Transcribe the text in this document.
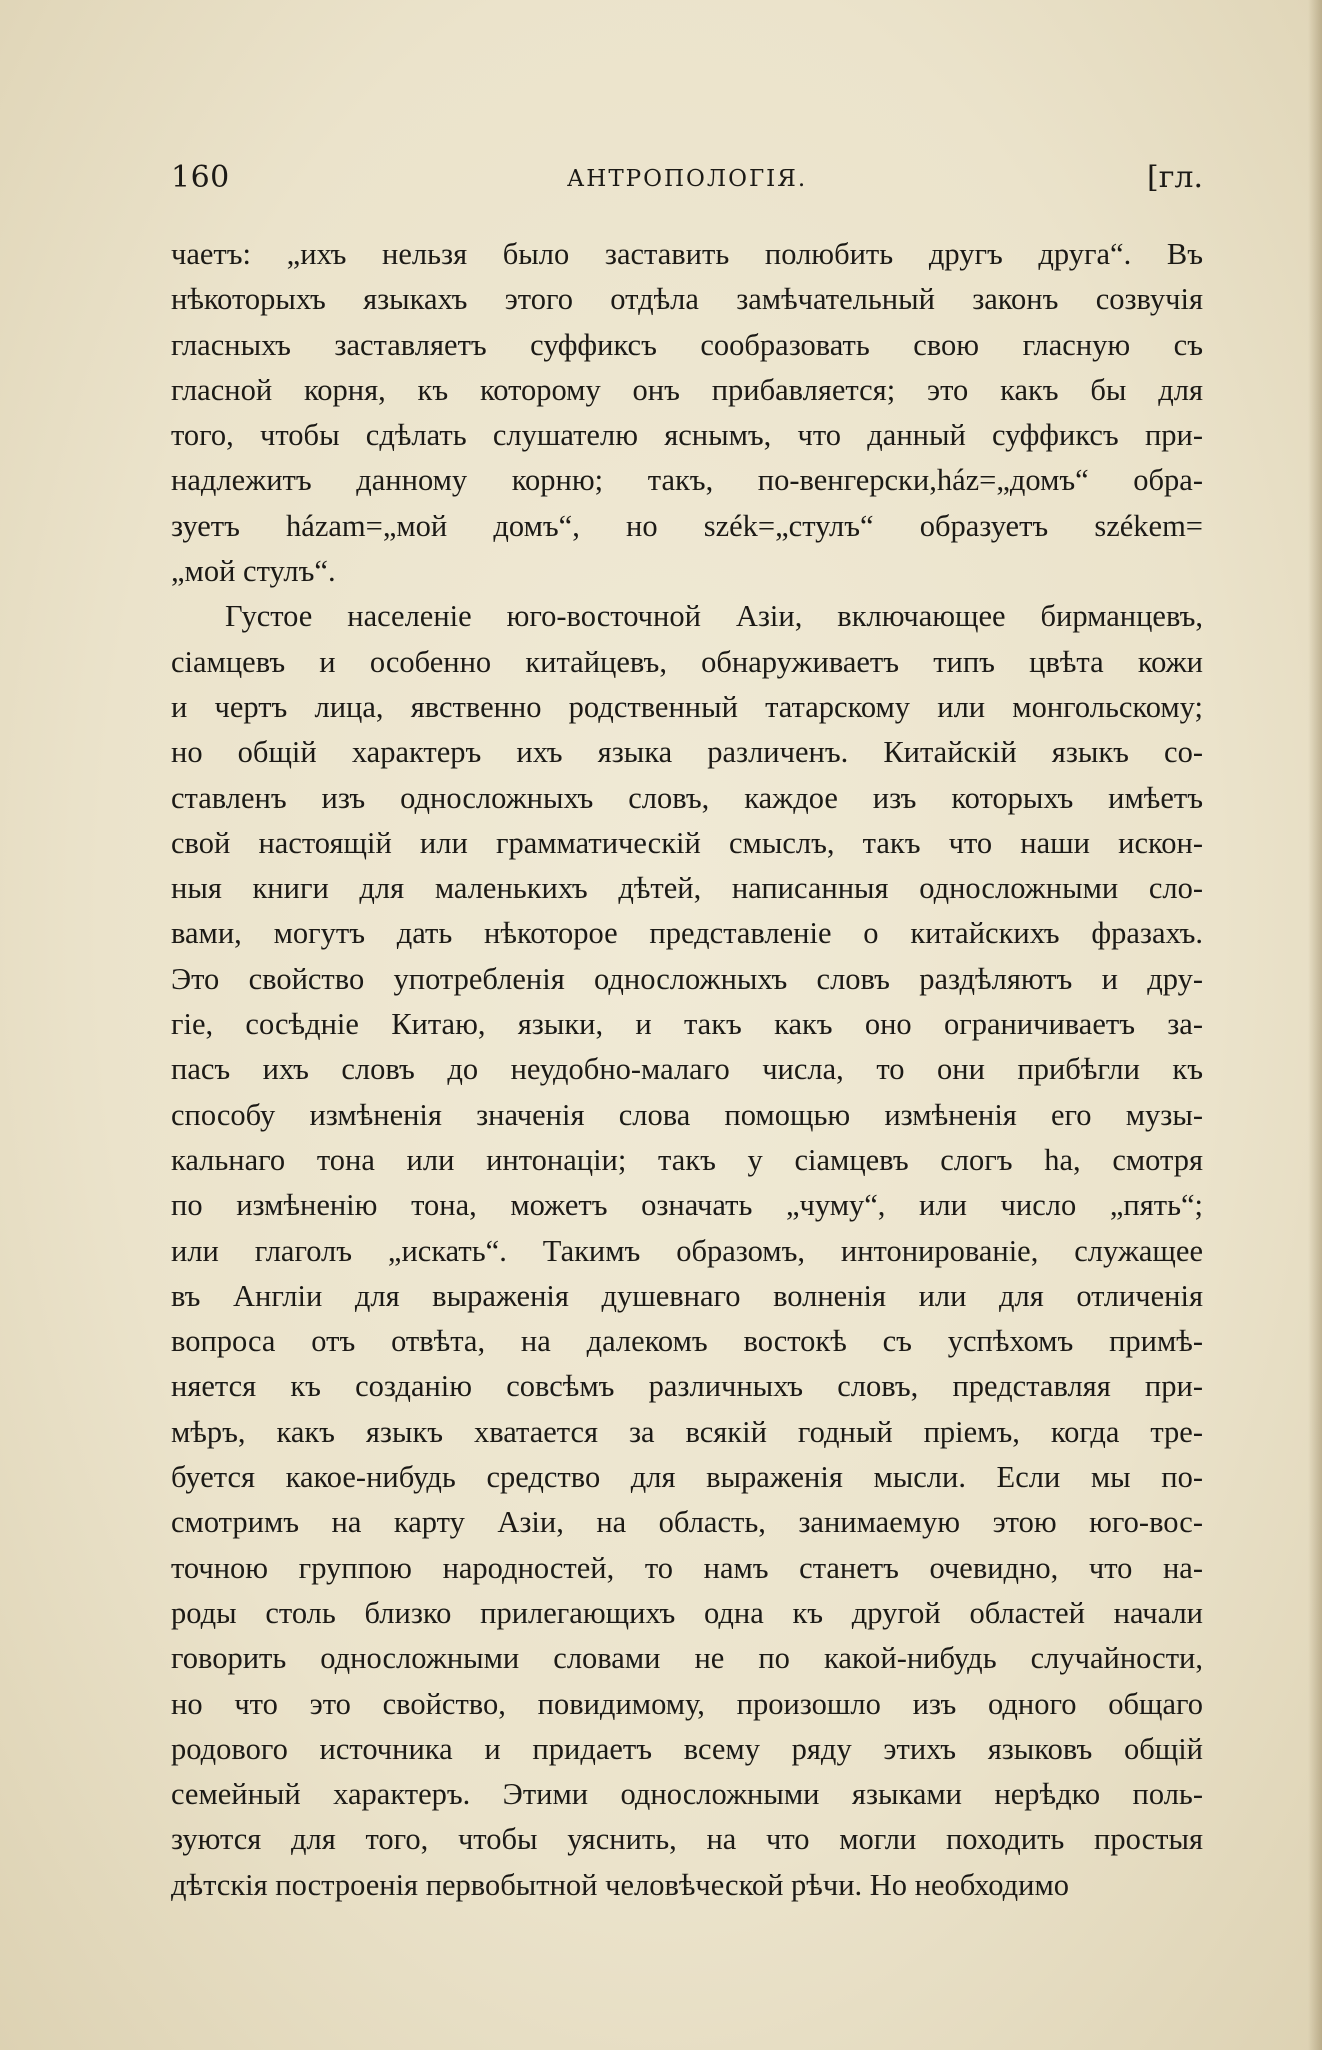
160	АНТРОПОЛОГІЯ.	[гл.
чаетъ: „ихъ нельзя было заставить полюбить другъ друга“. Въ
нѣкоторыхъ языкахъ этого отдѣла замѣчательный законъ созвучія
гласныхъ заставляетъ суффиксъ сообразовать свою гласную съ
гласной корня, къ которому онъ прибавляется; это какъ бы для
того, чтобы сдѣлать слушателю яснымъ, что данный суффиксъ при-
надлежитъ данному корню; такъ, по-венгерски,ház=„домъ“ обра-
зуетъ házam=„мой домъ“, но szék=„стулъ“ образуетъ székem=
„мой стулъ“.
Густое населеніе юго-восточной Азіи, включающее бирманцевъ,
сіамцевъ и особенно китайцевъ, обнаруживаетъ типъ цвѣта кожи
и чертъ лица, явственно родственный татарскому или монгольскому;
но общій характеръ ихъ языка различенъ. Китайскій языкъ со-
ставленъ изъ односложныхъ словъ, каждое изъ которыхъ имѣетъ
свой настоящій или грамматическій смыслъ, такъ что наши искон-
ныя книги для маленькихъ дѣтей, написанныя односложными сло-
вами, могутъ дать нѣкоторое представленіе о китайскихъ фразахъ.
Это свойство употребленія односложныхъ словъ раздѣляютъ и дру-
гіе, сосѣдніе Китаю, языки, и такъ какъ оно ограничиваетъ за-
пасъ ихъ словъ до неудобно-малаго числа, то они прибѣгли къ
способу измѣненія значенія слова помощью измѣненія его музы-
кальнаго тона или интонаціи; такъ у сіамцевъ слогъ ha, смотря
по измѣненію тона, можетъ означать „чуму“, или число „пять“;
или глаголъ „искать“. Такимъ образомъ, интонированіе, служащее
въ Англіи для выраженія душевнаго волненія или для отличенія
вопроса отъ отвѣта, на далекомъ востокѣ съ успѣхомъ примѣ-
няется къ созданію совсѣмъ различныхъ словъ, представляя при-
мѣръ, какъ языкъ хватается за всякій годный пріемъ, когда тре-
буется какое-нибудь средство для выраженія мысли. Если мы по-
смотримъ на карту Азіи, на область, занимаемую этою юго-вос-
точною группою народностей, то намъ станетъ очевидно, что на-
роды столь близко прилегающихъ одна къ другой областей начали
говорить односложными словами не по какой-нибудь случайности,
но что это свойство, повидимому, произошло изъ одного общаго
родового источника и придаетъ всему ряду этихъ языковъ общій
семейный характеръ. Этими односложными языками нерѣдко поль-
зуются для того, чтобы уяснить, на что могли походить простыя
дѣтскія построенія первобытной человѣческой рѣчи. Но необходимо
